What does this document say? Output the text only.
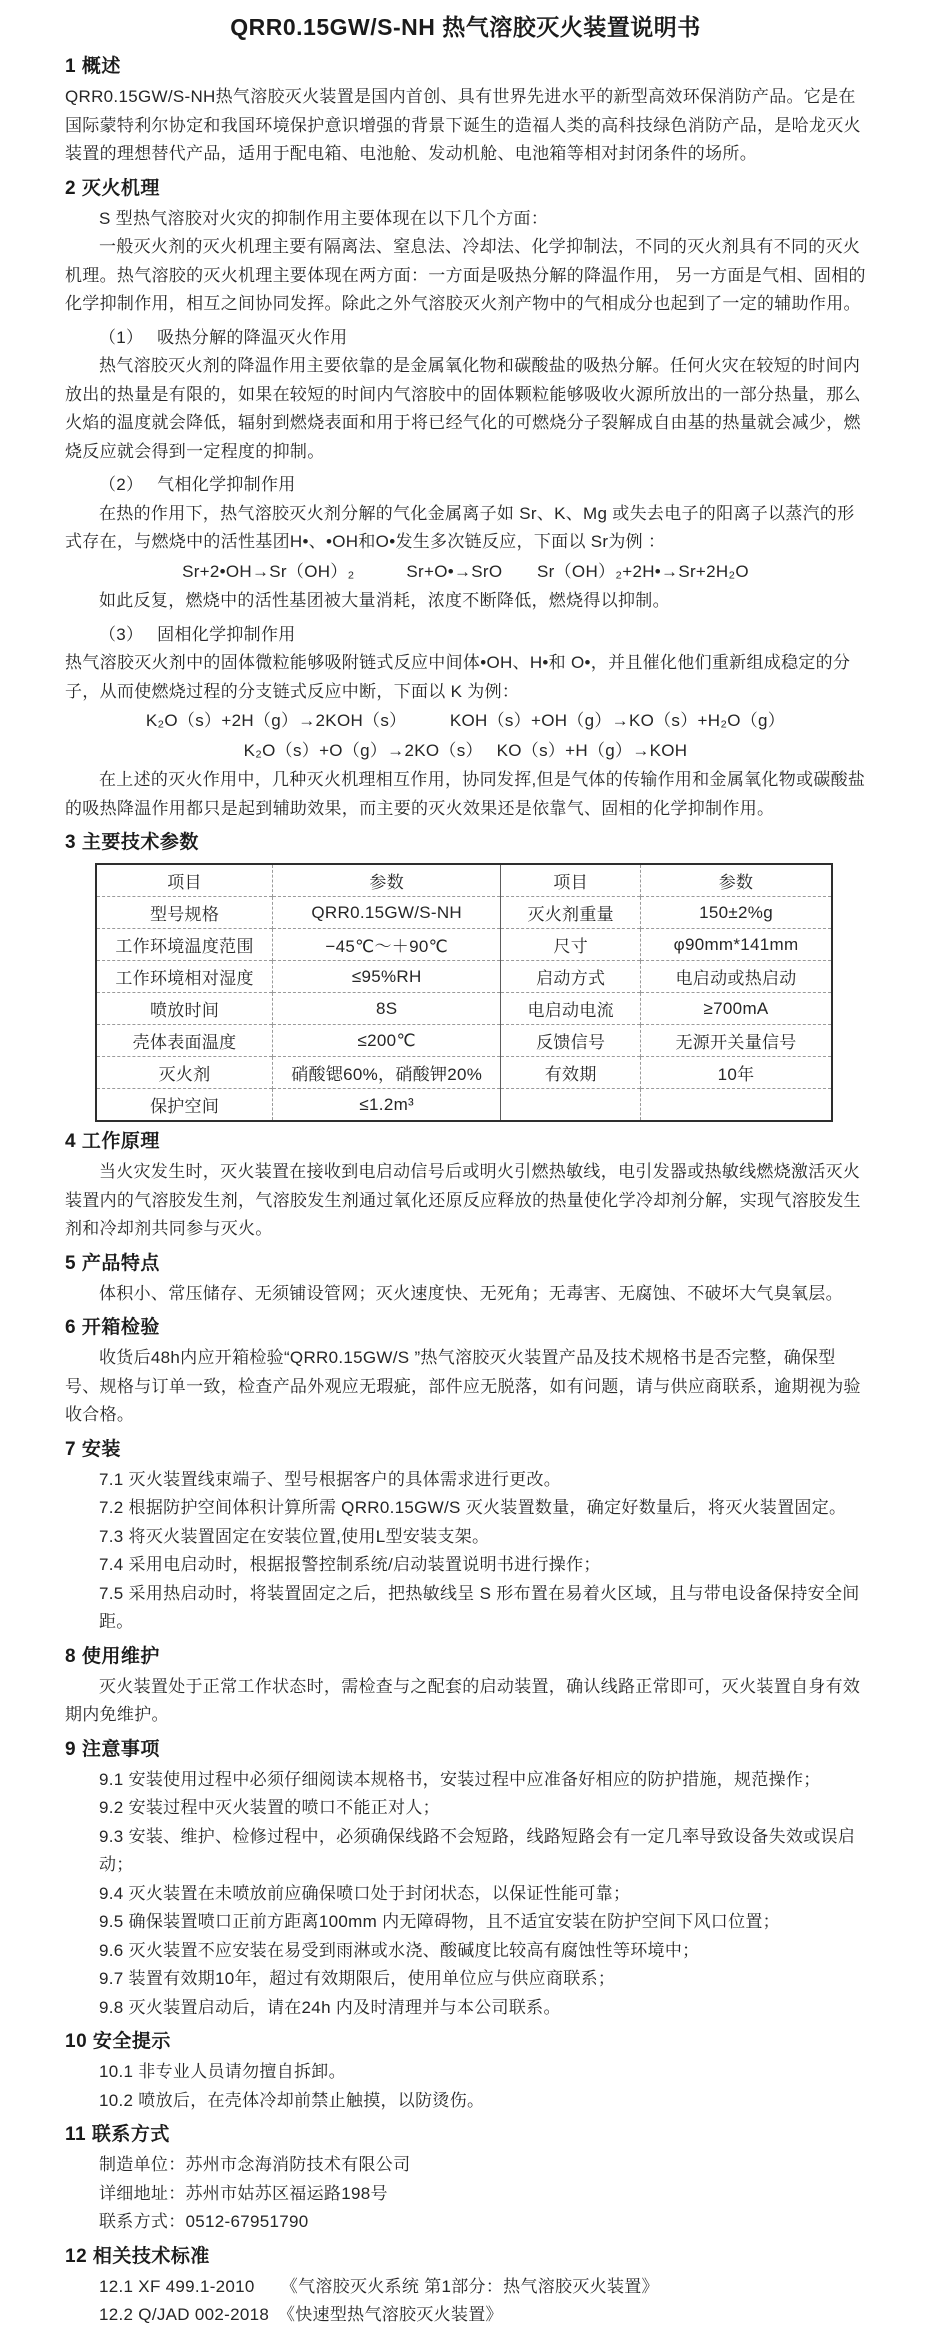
QRR0.15GW/S-NH 热气溶胶灭火装置说明书
1 概述

QRR0.15GW/S-NH热气溶胶灭火装置是国内首创、具有世界先进水平的新型高效环保消防产品。它是在国际蒙特利尔协定和我国环境保护意识增强的背景下诞生的造福人类的高科技绿色消防产品，是哈龙灭火装置的理想替代产品，适用于配电箱、电池舱、发动机舱、电池箱等相对封闭条件的场所。

2 灭火机理

S 型热气溶胶对火灾的抑制作用主要体现在以下几个方面：

一般灭火剂的灭火机理主要有隔离法、窒息法、冷却法、化学抑制法，不同的灭火剂具有不同的灭火机理。热气溶胶的灭火机理主要体现在两方面：一方面是吸热分解的降温作用， 另一方面是气相、固相的化学抑制作用，相互之间协同发挥。除此之外气溶胶灭火剂产物中的气相成分也起到了一定的辅助作用。

（1）　 吸热分解的降温灭火作用

热气溶胶灭火剂的降温作用主要依靠的是金属氧化物和碳酸盐的吸热分解。任何火灾在较短的时间内放出的热量是有限的，如果在较短的时间内气溶胶中的固体颗粒能够吸收火源所放出的一部分热量，那么火焰的温度就会降低，辐射到燃烧表面和用于将已经气化的可燃烧分子裂解成自由基的热量就会减少，燃烧反应就会得到一定程度的抑制。

（2）　 气相化学抑制作用

在热的作用下，热气溶胶灭火剂分解的气化金属离子如 Sr、K、Mg 或失去电子的阳离子以蒸汽的形式存在，与燃烧中的活性基团H•、•OH和O•发生多次链反应，下面以 Sr为例 ：

Sr+2•OH→Sr（OH）₂　　　Sr+O•→SrO　　Sr（OH）₂+2H•→Sr+2H₂O

如此反复，燃烧中的活性基团被大量消耗，浓度不断降低，燃烧得以抑制。

（3）　 固相化学抑制作用

热气溶胶灭火剂中的固体微粒能够吸附链式反应中间体•OH、H•和 O•，并且催化他们重新组成稳定的分子，从而使燃烧过程的分支链式反应中断，下面以 K 为例：

K₂O（s）+2H（g）→2KOH（s）　　　KOH（s）+OH（g）→KO（s）+H₂O（g）

K₂O（s）+O（g）→2KO（s）　 KO（s）+H（g）→KOH

在上述的灭火作用中，几种灭火机理相互作用，协同发挥,但是气体的传输作用和金属氧化物或碳酸盐的吸热降温作用都只是起到辅助效果，而主要的灭火效果还是依靠气、固相的化学抑制作用。

3 主要技术参数
项目	参数	项目	参数
型号规格	QRR0.15GW/S-NH	灭火剂重量	150±2%g
工作环境温度范围	−45℃～＋90℃	尺寸	φ90mm*141mm
工作环境相对湿度	≤95%RH	启动方式	电启动或热启动
喷放时间	8S	电启动电流	≥700mA
壳体表面温度	≤200℃	反馈信号	无源开关量信号
灭火剂	硝酸锶60%，硝酸钾20%	有效期	10年
保护空间	≤1.2m³		
4 工作原理

当火灾发生时，灭火装置在接收到电启动信号后或明火引燃热敏线，电引发器或热敏线燃烧激活灭火装置内的气溶胶发生剂，气溶胶发生剂通过氧化还原反应释放的热量使化学冷却剂分解，实现气溶胶发生剂和冷却剂共同参与灭火。

5 产品特点

体积小、常压储存、无须铺设管网；灭火速度快、无死角；无毒害、无腐蚀、不破坏大气臭氧层。

6 开箱检验

收货后48h内应开箱检验“QRR0.15GW/S ”热气溶胶灭火装置产品及技术规格书是否完整，确保型号、规格与订单一致，检查产品外观应无瑕疵，部件应无脱落，如有问题，请与供应商联系，逾期视为验收合格。

7 安装

7.1 灭火装置线束端子、型号根据客户的具体需求进行更改。

7.2 根据防护空间体积计算所需 QRR0.15GW/S 灭火装置数量，确定好数量后，将灭火装置固定。

7.3 将灭火装置固定在安装位置,使用L型安装支架。

7.4 采用电启动时，根据报警控制系统/启动装置说明书进行操作；

7.5 采用热启动时，将装置固定之后，把热敏线呈 S 形布置在易着火区域，且与带电设备保持安全间距。

8 使用维护

灭火装置处于正常工作状态时，需检查与之配套的启动装置，确认线路正常即可，灭火装置自身有效期内免维护。

9 注意事项

9.1 安装使用过程中必须仔细阅读本规格书，安装过程中应准备好相应的防护措施，规范操作；

9.2 安装过程中灭火装置的喷口不能正对人；

9.3 安装、维护、检修过程中，必须确保线路不会短路，线路短路会有一定几率导致设备失效或误启动；

9.4 灭火装置在未喷放前应确保喷口处于封闭状态，以保证性能可靠；

9.5 确保装置喷口正前方距离100mm 内无障碍物，且不适宜安装在防护空间下风口位置；

9.6 灭火装置不应安装在易受到雨淋或水浇、酸碱度比较高有腐蚀性等环境中；

9.7 装置有效期10年，超过有效期限后，使用单位应与供应商联系；

9.8 灭火装置启动后，请在24h 内及时清理并与本公司联系。

10 安全提示

10.1 非专业人员请勿擅自拆卸。

10.2 喷放后，在壳体冷却前禁止触摸，以防烫伤。

11 联系方式

制造单位：苏州市念海消防技术有限公司

详细地址：苏州市姑苏区福运路198号

联系方式：0512-67951790

12 相关技术标准

12.1 XF 499.1-2010　　《气溶胶灭火系统 第1部分：热气溶胶灭火装置》

12.2 Q/JAD 002-2018　《快速型热气溶胶灭火装置》
